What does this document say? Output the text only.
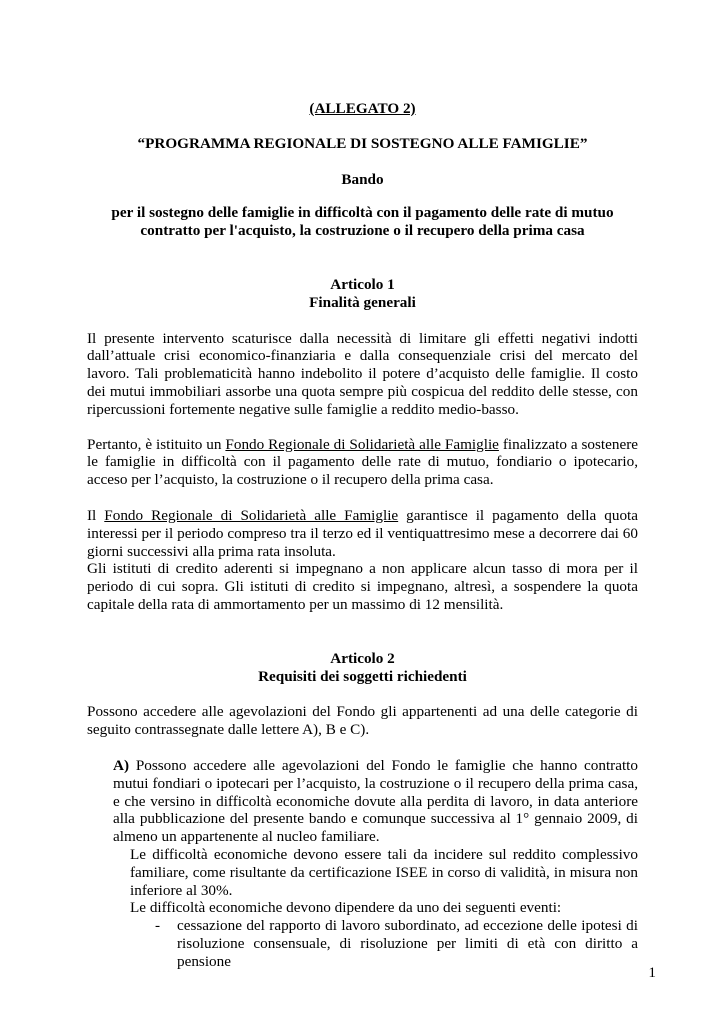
(ALLEGATO 2)

“PROGRAMMA REGIONALE DI SOSTEGNO ALLE FAMIGLIE”

Bando

per il sostegno delle famiglie in difficoltà con il pagamento delle rate di mutuo contratto per l'acquisto, la costruzione o il recupero della prima casa

Articolo 1
Finalità generali

Il presente intervento scaturisce dalla necessità di limitare gli effetti negativi indotti dall’attuale crisi economico-finanziaria e dalla consequenziale crisi del mercato del lavoro. Tali problematicità hanno indebolito il potere d’acquisto delle famiglie. Il costo dei mutui immobiliari assorbe una quota sempre più cospicua del reddito delle stesse, con ripercussioni fortemente negative sulle famiglie a reddito medio-basso.

Pertanto, è istituito un Fondo Regionale di Solidarietà alle Famiglie finalizzato a sostenere le famiglie in difficoltà con il pagamento delle rate di mutuo, fondiario o ipotecario, acceso per l’acquisto, la costruzione o il recupero della prima casa.

Il Fondo Regionale di Solidarietà alle Famiglie garantisce il pagamento della quota interessi per il periodo compreso tra il terzo ed il ventiquattresimo mese a decorrere dai 60 giorni successivi alla prima rata insoluta.

Gli istituti di credito aderenti si impegnano a non applicare alcun tasso di mora per il periodo di cui sopra. Gli istituti di credito si impegnano, altresì, a sospendere la quota capitale della rata di ammortamento per un massimo di 12 mensilità.

Articolo 2
Requisiti dei soggetti richiedenti

Possono accedere alle agevolazioni del Fondo gli appartenenti ad una delle categorie di seguito contrassegnate dalle lettere A), B e C).

A) Possono accedere alle agevolazioni del Fondo le famiglie che hanno contratto mutui fondiari o ipotecari per l’acquisto, la costruzione o il recupero della prima casa, e che versino in difficoltà economiche dovute alla perdita di lavoro, in data anteriore alla pubblicazione del presente bando e comunque successiva al 1° gennaio 2009, di almeno un appartenente al nucleo familiare.

Le difficoltà economiche devono essere tali da incidere sul reddito complessivo familiare, come risultante da certificazione ISEE in corso di validità, in misura non inferiore al 30%.

Le difficoltà economiche devono dipendere da uno dei seguenti eventi:

- cessazione del rapporto di lavoro subordinato, ad eccezione delle ipotesi di risoluzione consensuale, di risoluzione per limiti di età con diritto a pensione
1
